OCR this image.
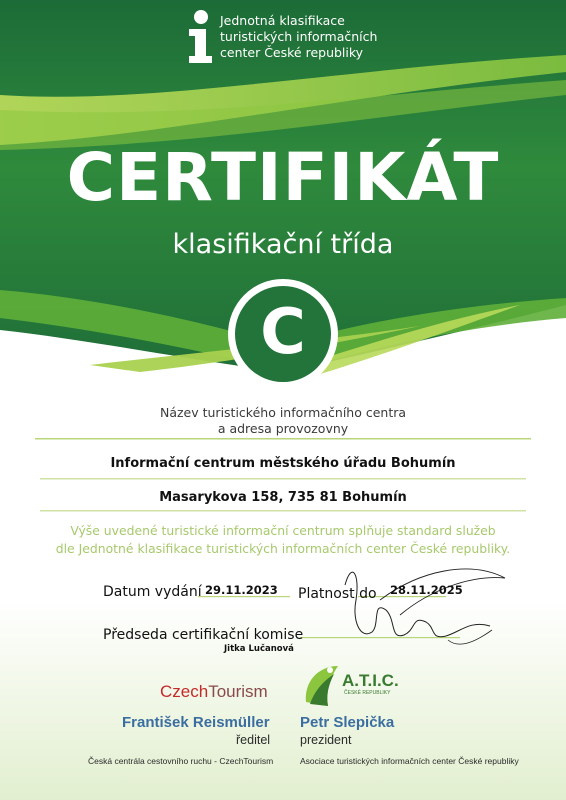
Jednotná klasifikace
turistických informačních
center České republiky
CERTIFIKÁT
klasifikační třída
C
Název turistického informačního centra
a adresa provozovny
Informační centrum městského úřadu Bohumín
Masarykova 158, 735 81 Bohumín
Výše uvedené turistické informační centrum splňuje standard služeb
dle Jednotné klasifikace turistických informačních center České republiky.
Datum vydání 29.11.2023 Platnost do 28.11.2025
Předseda certifikační komise
Jitka Lučanová
CzechTourism
A.T.I.C.
ČESKÉ REPUBLIKY
František Reismüller
ředitel
Česká centrála cestovního ruchu - CzechTourism
Petr Slepička
prezident
Asociace turistických informačních center České republiky
